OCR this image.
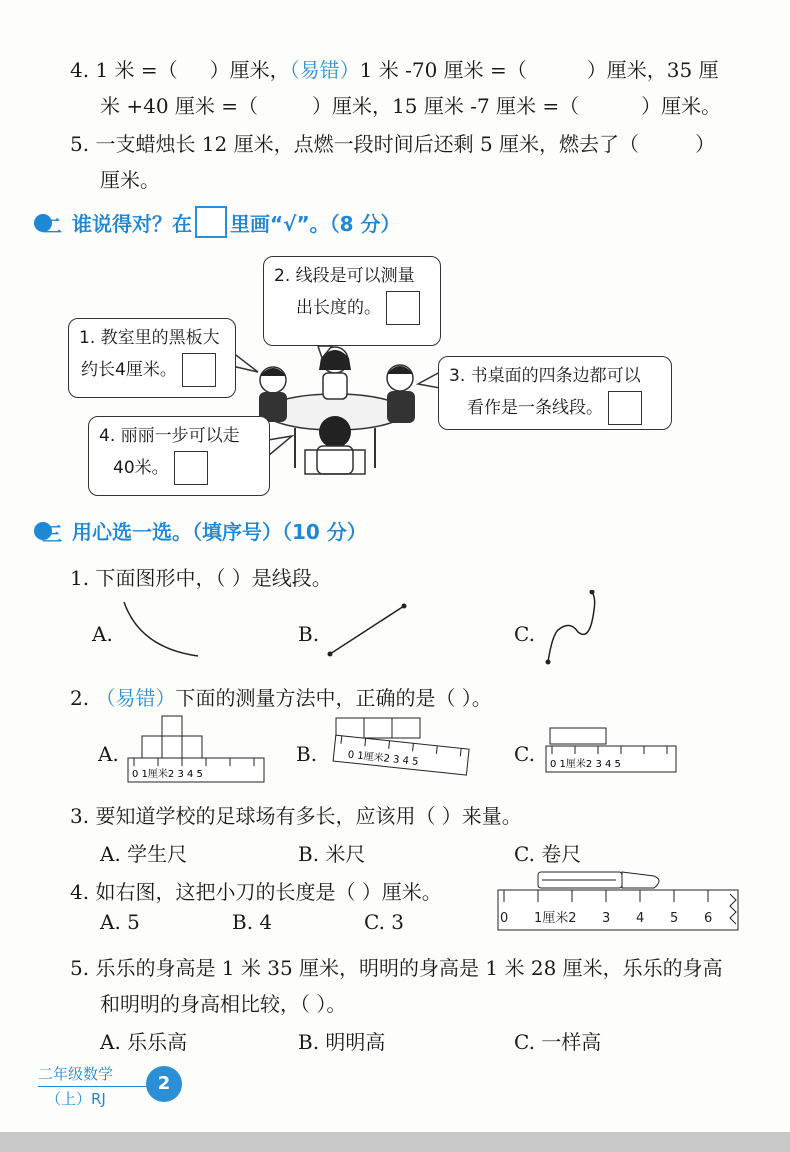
4. 1 米 =（ ）厘米，（易错）1 米 -70 厘米 =（	）厘米，35 厘
米 +40 厘米 =（	）厘米，15 厘米 -7 厘米 =（	）厘米。
5. 一支蜡烛长 12 厘米，点燃一段时间后还剩 5 厘米，燃去了（	）
厘米。
二 谁说得对？在 里画“√”。（8 分）
1. 教室里的黑板大
约长4厘米。
2. 线段是可以测量
出长度的。
3. 书桌面的四条边都可以
看作是一条线段。
4. 丽丽一步可以走
40米。
三 用心选一选。（填序号）（10 分）
1. 下面图形中，（ ）是线段。
A.	B.	C.
2. （易错）下面的测量方法中，正确的是（ ）。
A.	B.	C.
0 1厘米2 3 4 5
0 1厘米2 3 4 5	0 1厘米2 3 4 5
3. 要知道学校的足球场有多长，应该用（ ）来量。
A. 学生尺	B. 米尺	C. 卷尺
4. 如右图，这把小刀的长度是（ ）厘米。
A. 5	B. 4	C. 3	0 1厘米2 3 4 5 6
5. 乐乐的身高是 1 米 35 厘米，明明的身高是 1 米 28 厘米，乐乐的身高
和明明的身高相比较，（ ）。
A. 乐乐高	B. 明明高	C. 一样高
二年级数学
（上）RJ
2
